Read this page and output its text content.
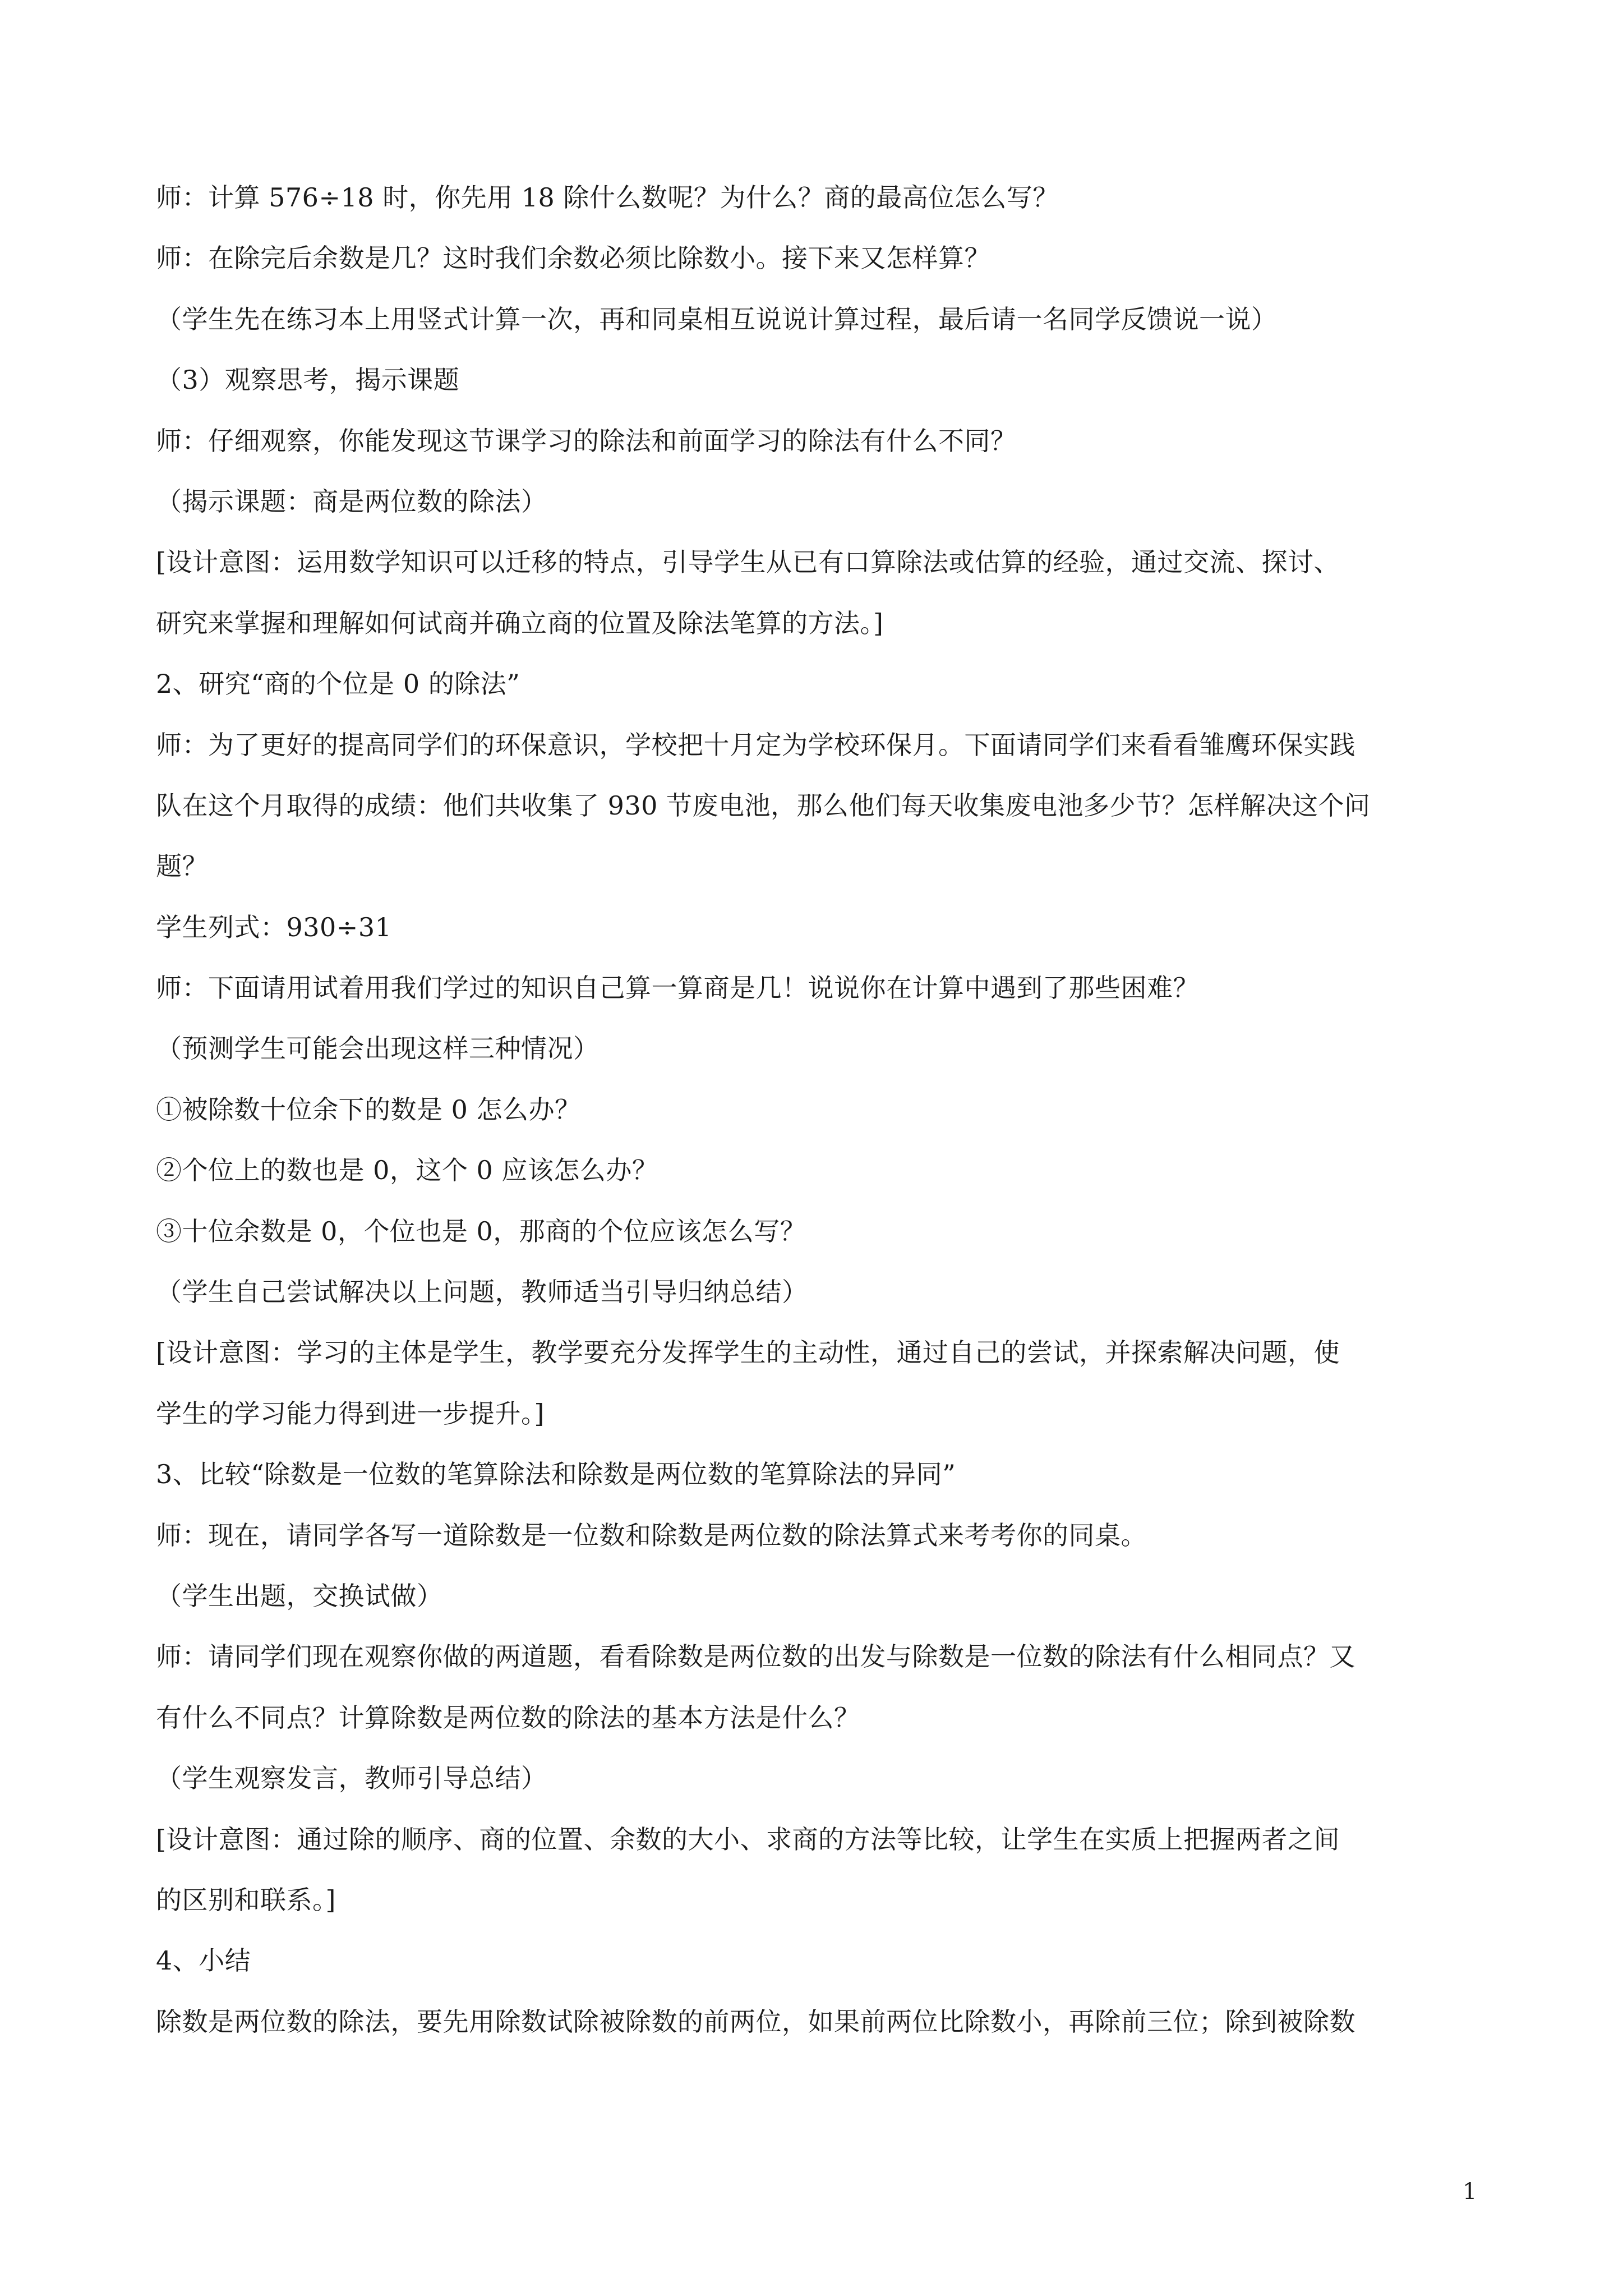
师：计算 576÷18 时，你先用 18 除什么数呢？为什么？商的最高位怎么写？
师：在除完后余数是几？这时我们余数必须比除数小。接下来又怎样算？
（学生先在练习本上用竖式计算一次，再和同桌相互说说计算过程，最后请一名同学反馈说一说）
（3）观察思考，揭示课题
师：仔细观察，你能发现这节课学习的除法和前面学习的除法有什么不同？
（揭示课题：商是两位数的除法）
[设计意图：运用数学知识可以迁移的特点，引导学生从已有口算除法或估算的经验，通过交流、探讨、
研究来掌握和理解如何试商并确立商的位置及除法笔算的方法。]
2、研究“商的个位是 0 的除法”
师：为了更好的提高同学们的环保意识，学校把十月定为学校环保月。下面请同学们来看看雏鹰环保实践
队在这个月取得的成绩：他们共收集了 930 节废电池，那么他们每天收集废电池多少节？怎样解决这个问
题？
学生列式：930÷31
师：下面请用试着用我们学过的知识自己算一算商是几！说说你在计算中遇到了那些困难？
（预测学生可能会出现这样三种情况）
①被除数十位余下的数是 0 怎么办？
②个位上的数也是 0，这个 0 应该怎么办？
③十位余数是 0，个位也是 0，那商的个位应该怎么写？
（学生自己尝试解决以上问题，教师适当引导归纳总结）
[设计意图：学习的主体是学生，教学要充分发挥学生的主动性，通过自己的尝试，并探索解决问题，使
学生的学习能力得到进一步提升。]
3、比较“除数是一位数的笔算除法和除数是两位数的笔算除法的异同”
师：现在，请同学各写一道除数是一位数和除数是两位数的除法算式来考考你的同桌。
（学生出题，交换试做）
师：请同学们现在观察你做的两道题，看看除数是两位数的出发与除数是一位数的除法有什么相同点？又
有什么不同点？计算除数是两位数的除法的基本方法是什么？
（学生观察发言，教师引导总结）
[设计意图：通过除的顺序、商的位置、余数的大小、求商的方法等比较，让学生在实质上把握两者之间
的区别和联系。]
4、小结
除数是两位数的除法，要先用除数试除被除数的前两位，如果前两位比除数小，再除前三位；除到被除数
1
